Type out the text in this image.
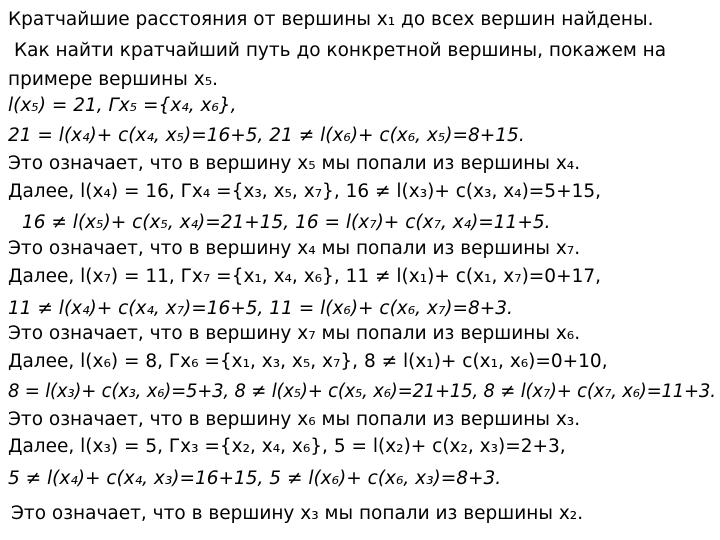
Кратчайшие расстояния от вершины x₁ до всех вершин найдены.
Как найти кратчайший путь до конкретной вершины, покажем на
примере вершины x₅.
l(x₅) = 21, Гx₅ ={x₄, x₆},
21 = l(x₄)+ c(x₄, x₅)=16+5, 21 ≠ l(x₆)+ c(x₆, x₅)=8+15.
Это означает, что в вершину x₅ мы попали из вершины x₄.
Далее, l(x₄) = 16, Гx₄ ={x₃, x₅, x₇}, 16 ≠ l(x₃)+ c(x₃, x₄)=5+15,
16 ≠ l(x₅)+ c(x₅, x₄)=21+15, 16 = l(x₇)+ c(x₇, x₄)=11+5.
Это означает, что в вершину x₄ мы попали из вершины x₇.
Далее, l(x₇) = 11, Гx₇ ={x₁, x₄, x₆}, 11 ≠ l(x₁)+ c(x₁, x₇)=0+17,
11 ≠ l(x₄)+ c(x₄, x₇)=16+5, 11 = l(x₆)+ c(x₆, x₇)=8+3.
Это означает, что в вершину x₇ мы попали из вершины x₆.
Далее, l(x₆) = 8, Гx₆ ={x₁, x₃, x₅, x₇}, 8 ≠ l(x₁)+ c(x₁, x₆)=0+10,
8 = l(x₃)+ c(x₃, x₆)=5+3, 8 ≠ l(x₅)+ c(x₅, x₆)=21+15, 8 ≠ l(x₇)+ c(x₇, x₆)=11+3.
Это означает, что в вершину x₆ мы попали из вершины x₃.
Далее, l(x₃) = 5, Гx₃ ={x₂, x₄, x₆}, 5 = l(x₂)+ c(x₂, x₃)=2+3,
5 ≠ l(x₄)+ c(x₄, x₃)=16+15, 5 ≠ l(x₆)+ c(x₆, x₃)=8+3.
Это означает, что в вершину x₃ мы попали из вершины x₂.
